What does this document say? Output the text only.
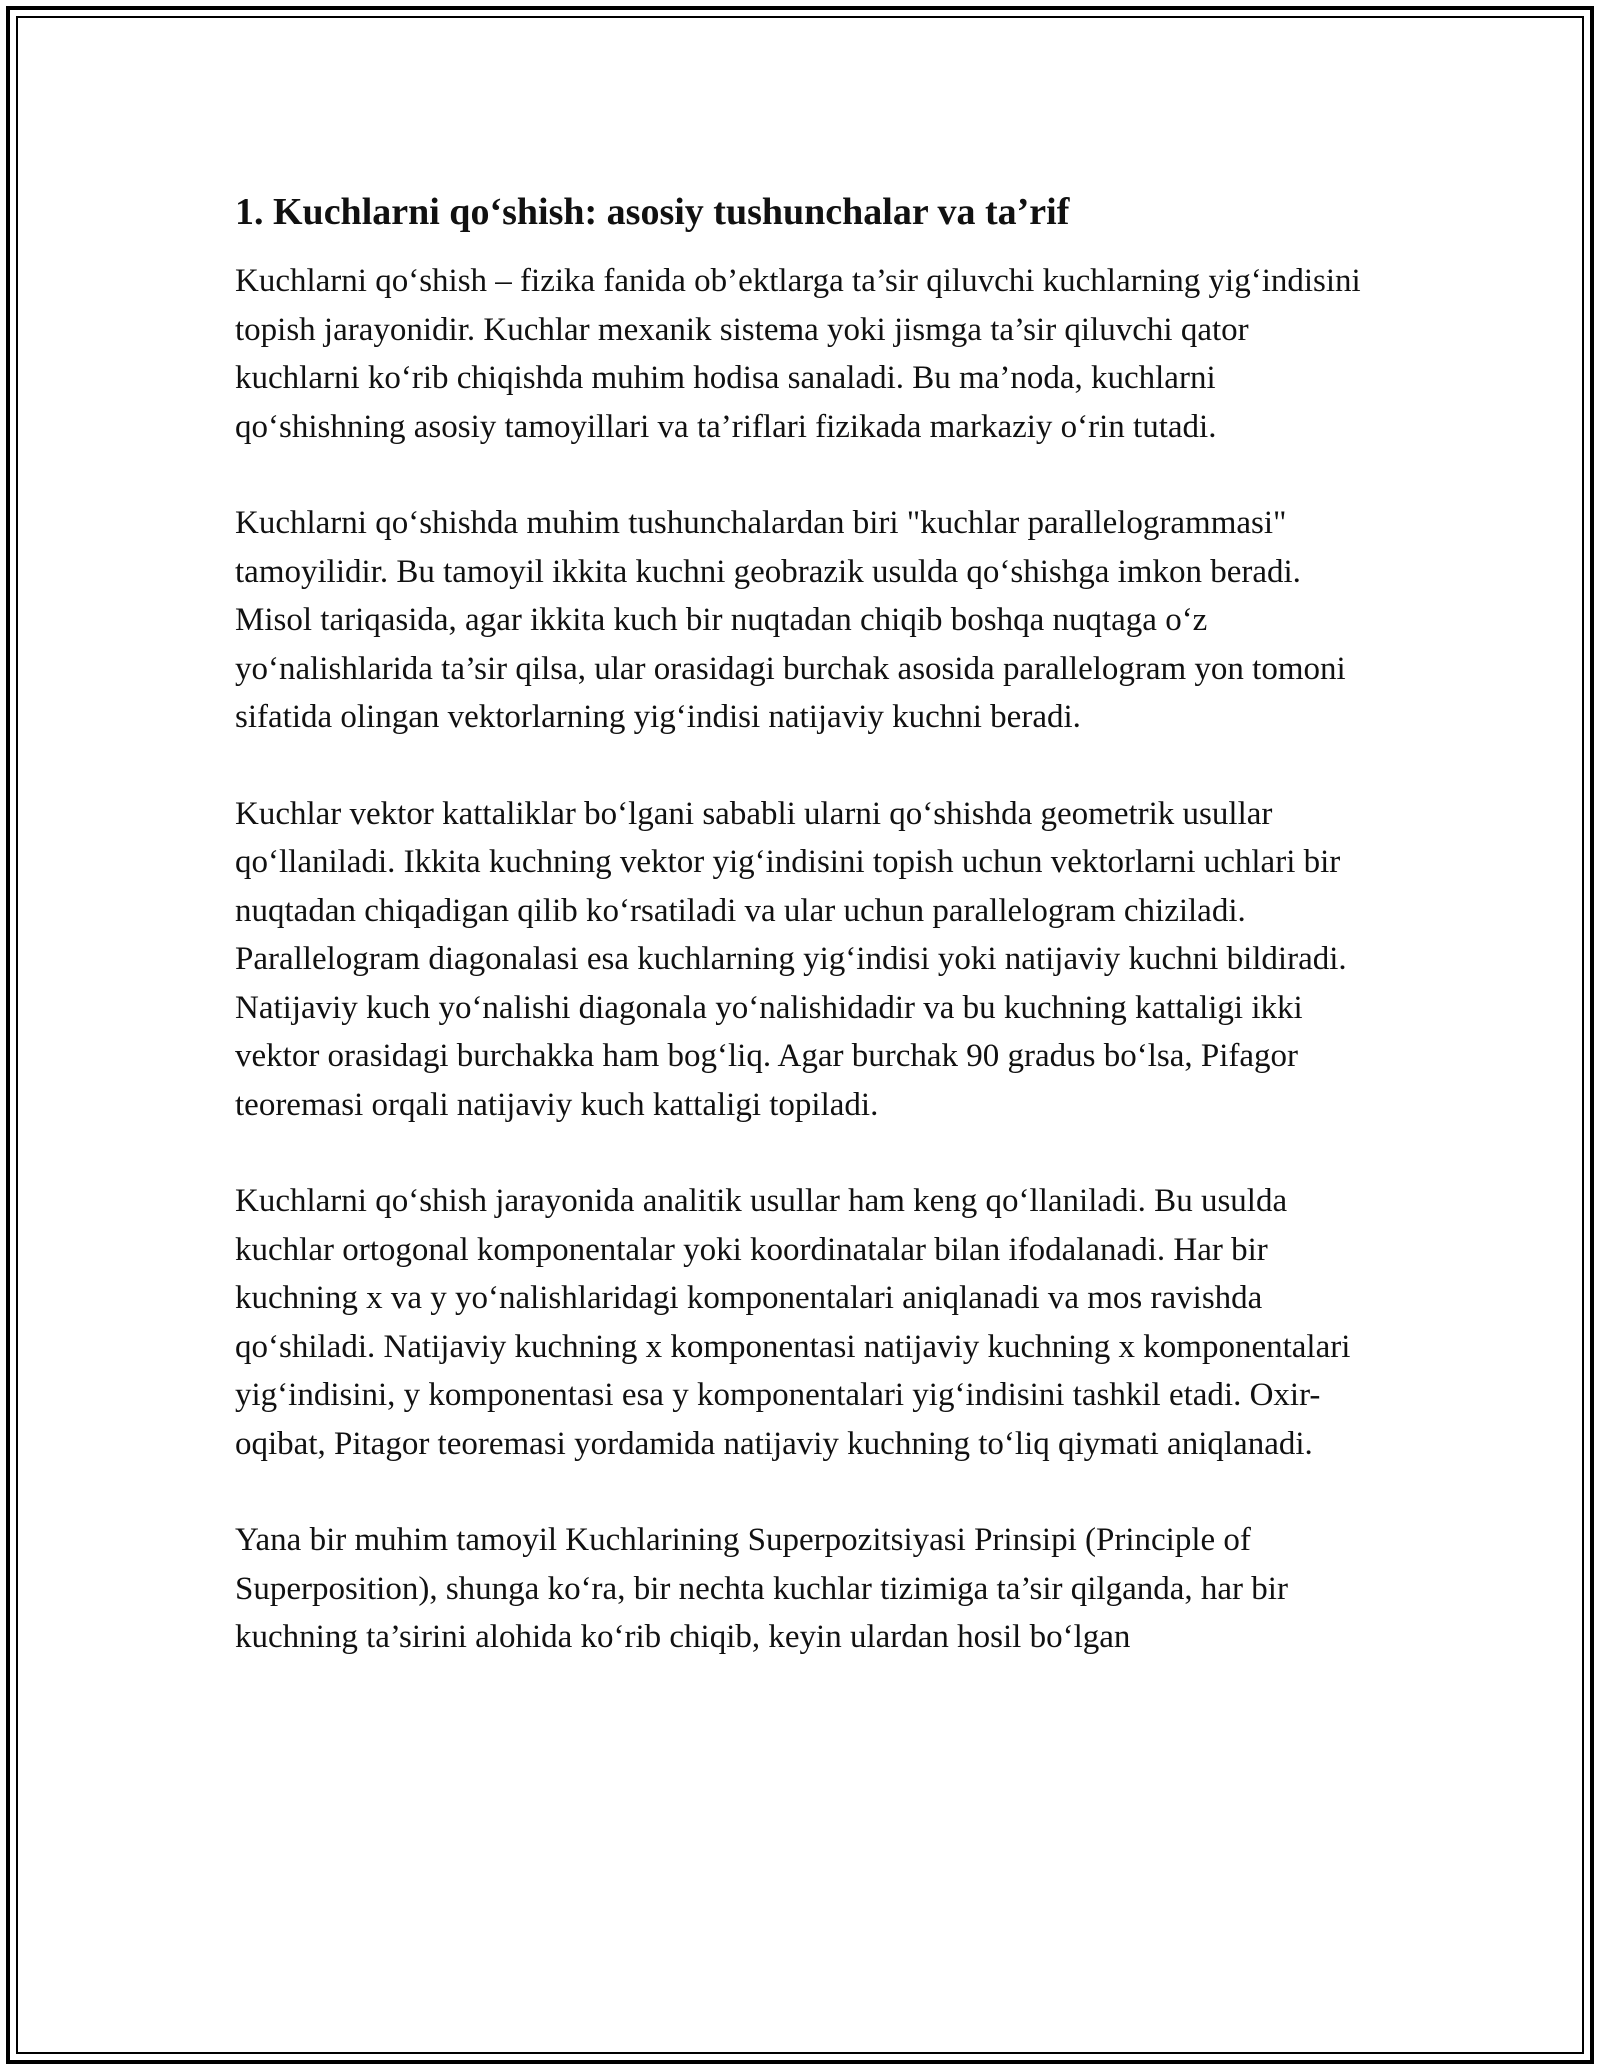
1. Kuchlarni qo‘shish: asosiy tushunchalar va ta’rif

Kuchlarni qo‘shish – fizika fanida ob’ektlarga ta’sir qiluvchi kuchlarning yig‘indisini topish jarayonidir. Kuchlar mexanik sistema yoki jismga ta’sir qiluvchi qator kuchlarni ko‘rib chiqishda muhim hodisa sanaladi. Bu ma’noda, kuchlarni qo‘shishning asosiy tamoyillari va ta’riflari fizikada markaziy o‘rin tutadi.

Kuchlarni qo‘shishda muhim tushunchalardan biri "kuchlar parallelogrammasi" tamoyilidir. Bu tamoyil ikkita kuchni geobrazik usulda qo‘shishga imkon beradi. Misol tariqasida, agar ikkita kuch bir nuqtadan chiqib boshqa nuqtaga o‘z yo‘nalishlarida ta’sir qilsa, ular orasidagi burchak asosida parallelogram yon tomoni sifatida olingan vektorlarning yig‘indisi natijaviy kuchni beradi.

Kuchlar vektor kattaliklar bo‘lgani sababli ularni qo‘shishda geometrik usullar qo‘llaniladi. Ikkita kuchning vektor yig‘indisini topish uchun vektorlarni uchlari bir nuqtadan chiqadigan qilib ko‘rsatiladi va ular uchun parallelogram chiziladi. Parallelogram diagonalasi esa kuchlarning yig‘indisi yoki natijaviy kuchni bildiradi. Natijaviy kuch yo‘nalishi diagonala yo‘nalishidadir va bu kuchning kattaligi ikki vektor orasidagi burchakka ham bog‘liq. Agar burchak 90 gradus bo‘lsa, Pifagor teoremasi orqali natijaviy kuch kattaligi topiladi.

Kuchlarni qo‘shish jarayonida analitik usullar ham keng qo‘llaniladi. Bu usulda kuchlar ortogonal komponentalar yoki koordinatalar bilan ifodalanadi. Har bir kuchning x va y yo‘nalishlaridagi komponentalari aniqlanadi va mos ravishda qo‘shiladi. Natijaviy kuchning x komponentasi natijaviy kuchning x komponentalari yig‘indisini, y komponentasi esa y komponentalari yig‘indisini tashkil etadi. Oxir-oqibat, Pitagor teoremasi yordamida natijaviy kuchning to‘liq qiymati aniqlanadi.

Yana bir muhim tamoyil Kuchlarining Superpozitsiyasi Prinsipi (Principle of Superposition), shunga ko‘ra, bir nechta kuchlar tizimiga ta’sir qilganda, har bir kuchning ta’sirini alohida ko‘rib chiqib, keyin ulardan hosil bo‘lgan
